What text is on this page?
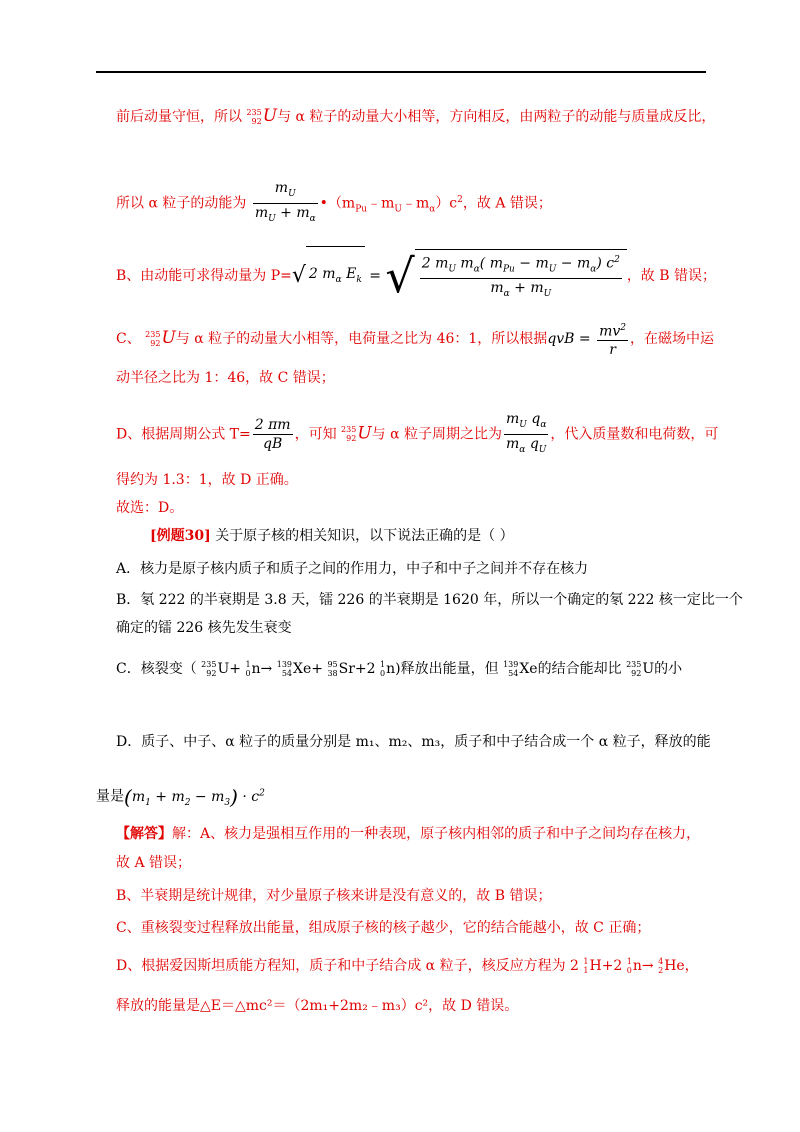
前后动量守恒，所以 235
92 U与 α 粒子的动量大小相等，方向相反，由两粒子的动能与质量成反比，
所以 α 粒子的动能为 $\frac{m_U}{m_U + m_\alpha}$ $•(m_{Pu}﹣m_U﹣m_\alpha)c^2$，故 A 错误；
B、由动能可求得动量为 P=√ 2 $m_\alpha$ $E_k$ = √ $\frac{2 m_U m_\alpha( m_{Pu} - m_U - m_\alpha) c^2}{m_\alpha + m_U}$ ，故 B 错误；
C、 235
92 U与 α 粒子的动量大小相等，电荷量之比为 46：1，所以根据qvB = $\frac{mv^2}{r}$ ，在磁场中运
动半径之比为 1：46，故 C 错误；
D、根据周期公式 $T= \frac{2 \pi m}{qB}$ ，可知 235
92 U与 α 粒子周期之比为 $\frac{m_U q_\alpha}{m_\alpha q_U}$ ，代入质量数和电荷数，可
得约为 1.3：1，故 D 正确。
故选：D。
[例题30] 关于原子核的相关知识，以下说法正确的是（ ）
A．核力是原子核内质子和质子之间的作用力，中子和中子之间并不存在核力
B．氡 222 的半衰期是 3.8 天，镭 226 的半衰期是 1620 年，所以一个确定的氡 222 核一定比一个
确定的镭 226 核先发生衰变
C．核裂变（ 235
92 U+ 1
0 n→ 139
54 Xe+ 95
38 Sr+2 1
0 n)释放出能量，但 139
54 Xe的结合能却比 235
92 U的小
D．质子、中子、α 粒子的质量分别是 m₁、m₂、m₃，质子和中子结合成一个 α 粒子，释放的能
量是$(m_1 + m_2 - m_3) \cdot c^2$
【解答】解：A、核力是强相互作用的一种表现，原子核内相邻的质子和中子之间均存在核力，
故 A 错误；
B、半衰期是统计规律，对少量原子核来讲是没有意义的，故 B 错误；
C、重核裂变过程释放出能量，组成原子核的核子越少，它的结合能越小，故 C 正确；
D、根据爱因斯坦质能方程知，质子和中子结合成 α 粒子，核反应方程为 2 1
1 H+2 1
0 n→ 4
2 He，
释放的能量是△E＝△mc²＝（2m₁+2m₂﹣m₃）c²，故 D 错误。
